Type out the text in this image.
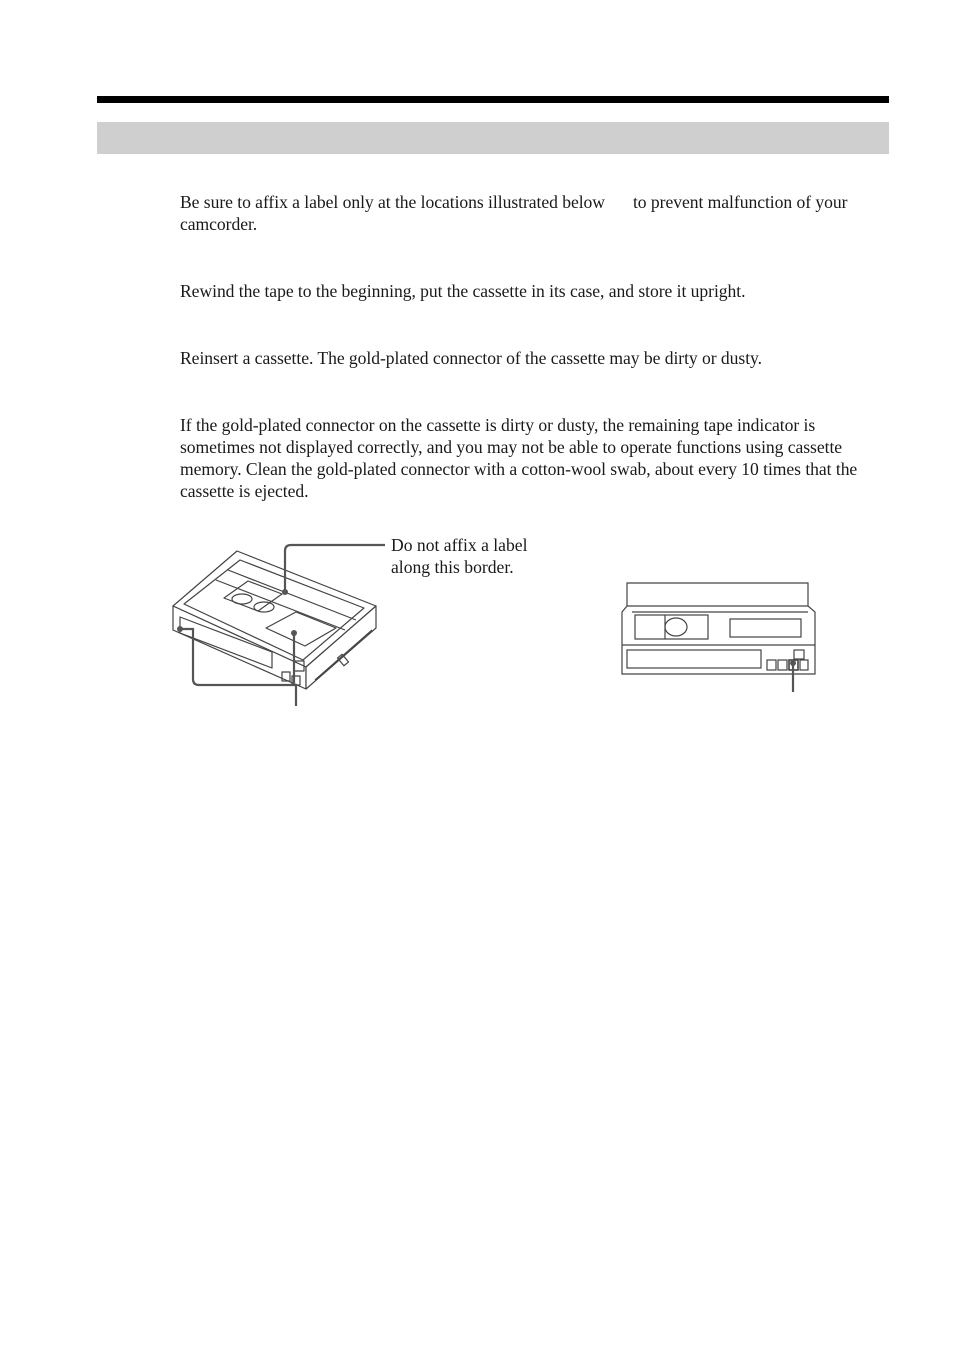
Be sure to affix a label only at the locations illustrated below to prevent malfunction of your camcorder.

Rewind the tape to the beginning, put the cassette in its case, and store it upright.

Reinsert a cassette. The gold-plated connector of the cassette may be dirty or dusty.

If the gold-plated connector on the cassette is dirty or dusty, the remaining tape indicator is sometimes not displayed correctly, and you may not be able to operate functions using cassette memory. Clean the gold-plated connector with a cotton-wool swab, about every 10 times that the cassette is ejected.

Do not affix a label
along this border.
